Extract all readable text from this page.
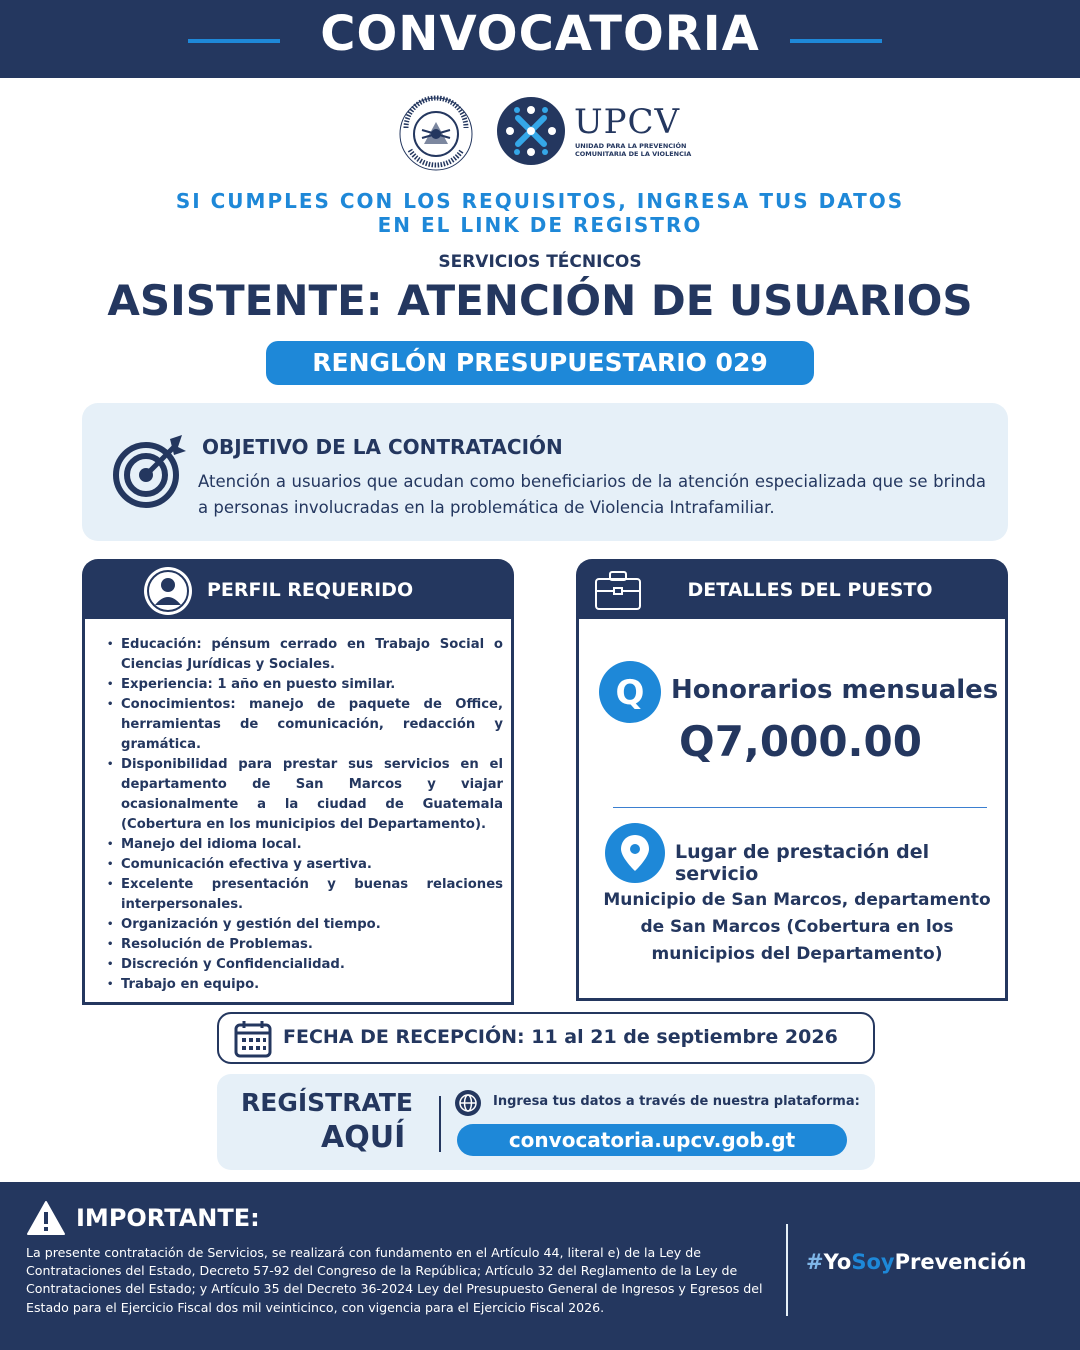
CONVOCATORIA
UPCV
UNIDAD PARA LA PREVENCIÓN
COMUNITARIA DE LA VIOLENCIA
SI CUMPLES CON LOS REQUISITOS, INGRESA TUS DATOS
EN EL LINK DE REGISTRO
SERVICIOS TÉCNICOS
ASISTENTE: ATENCIÓN DE USUARIOS
RENGLÓN PRESUPUESTARIO 029
OBJETIVO DE LA CONTRATACIÓN

Atención a usuarios que acudan como beneficiarios de la atención especializada que se brinda a personas involucradas en la problemática de Violencia Intrafamiliar.

PERFIL REQUERIDO
• Educación: pénsum cerrado en Trabajo Social o Ciencias Jurídicas y Sociales.
• Experiencia: 1 año en puesto similar.
• Conocimientos: manejo de paquete de Office, herramientas de comunicación, redacción y gramática.
• Disponibilidad para prestar sus servicios en el departamento de San Marcos y viajar ocasionalmente a la ciudad de Guatemala (Cobertura en los municipios del Departamento).
• Manejo del idioma local.
• Comunicación efectiva y asertiva.
• Excelente presentación y buenas relaciones interpersonales.
• Organización y gestión del tiempo.
• Resolución de Problemas.
• Discreción y Confidencialidad.
• Trabajo en equipo.
DETALLES DEL PUESTO
Q Honorarios mensuales
Q7,000.00
Lugar de prestación del servicio
Municipio de San Marcos, departamento de San Marcos (Cobertura en los municipios del Departamento)
FECHA DE RECEPCIÓN: 11 al 21 de septiembre 2026
REGÍSTRATE
AQUÍ
Ingresa tus datos a través de nuestra plataforma:
convocatoria.upcv.gob.gt
IMPORTANTE:

La presente contratación de Servicios, se realizará con fundamento en el Artículo 44, literal e) de la Ley de Contrataciones del Estado, Decreto 57-92 del Congreso de la República; Artículo 32 del Reglamento de la Ley de Contrataciones del Estado; y Artículo 35 del Decreto 36-2024 Ley del Presupuesto General de Ingresos y Egresos del Estado para el Ejercicio Fiscal dos mil veinticinco, con vigencia para el Ejercicio Fiscal 2026.

#YoSoyPrevención
